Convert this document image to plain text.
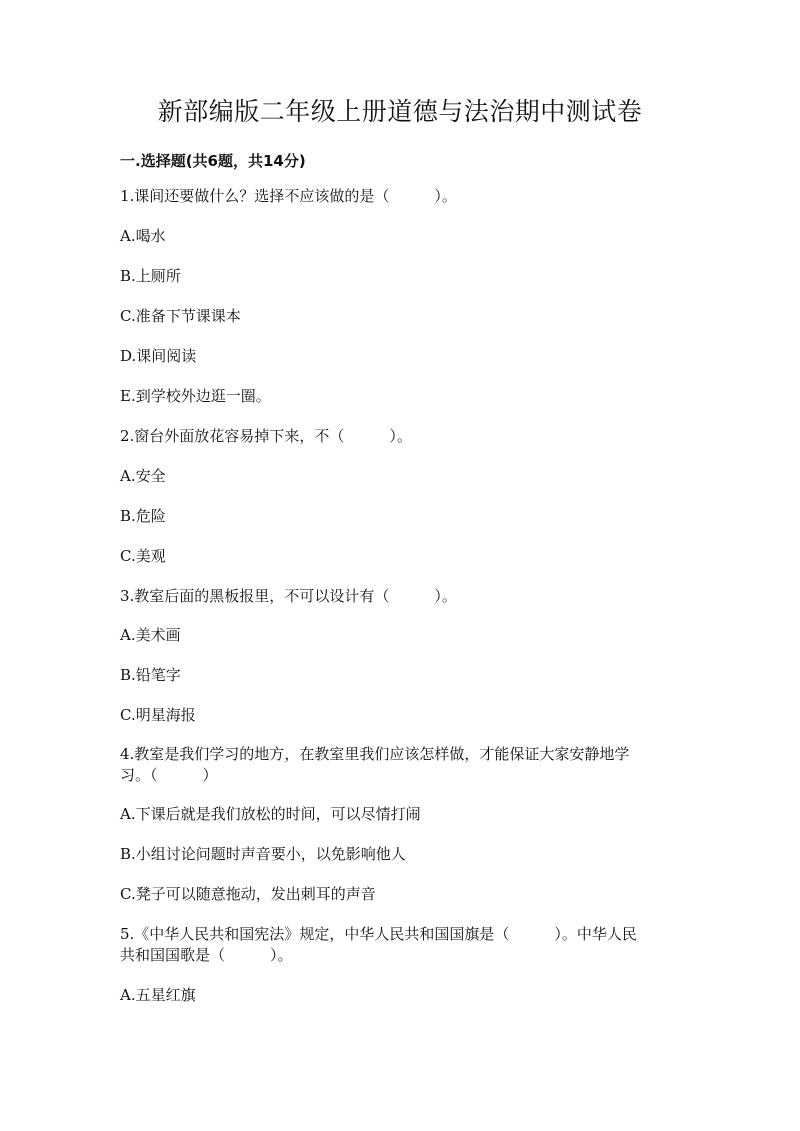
新部编版二年级上册道德与法治期中测试卷
一.选择题(共6题，共14分)
1.课间还要做什么？选择不应该做的是（　　　）。
A.喝水
B.上厕所
C.准备下节课课本
D.课间阅读
E.到学校外边逛一圈。
2.窗台外面放花容易掉下来，不（　　　）。
A.安全
B.危险
C.美观
3.教室后面的黑板报里，不可以设计有（　　　）。
A.美术画
B.铅笔字
C.明星海报
4.教室是我们学习的地方，在教室里我们应该怎样做，才能保证大家安静地学
习。（　　　）
A.下课后就是我们放松的时间，可以尽情打闹
B.小组讨论问题时声音要小，以免影响他人
C.凳子可以随意拖动，发出刺耳的声音
5.《中华人民共和国宪法》规定，中华人民共和国国旗是（　　　）。中华人民
共和国国歌是（　　　）。
A.五星红旗
